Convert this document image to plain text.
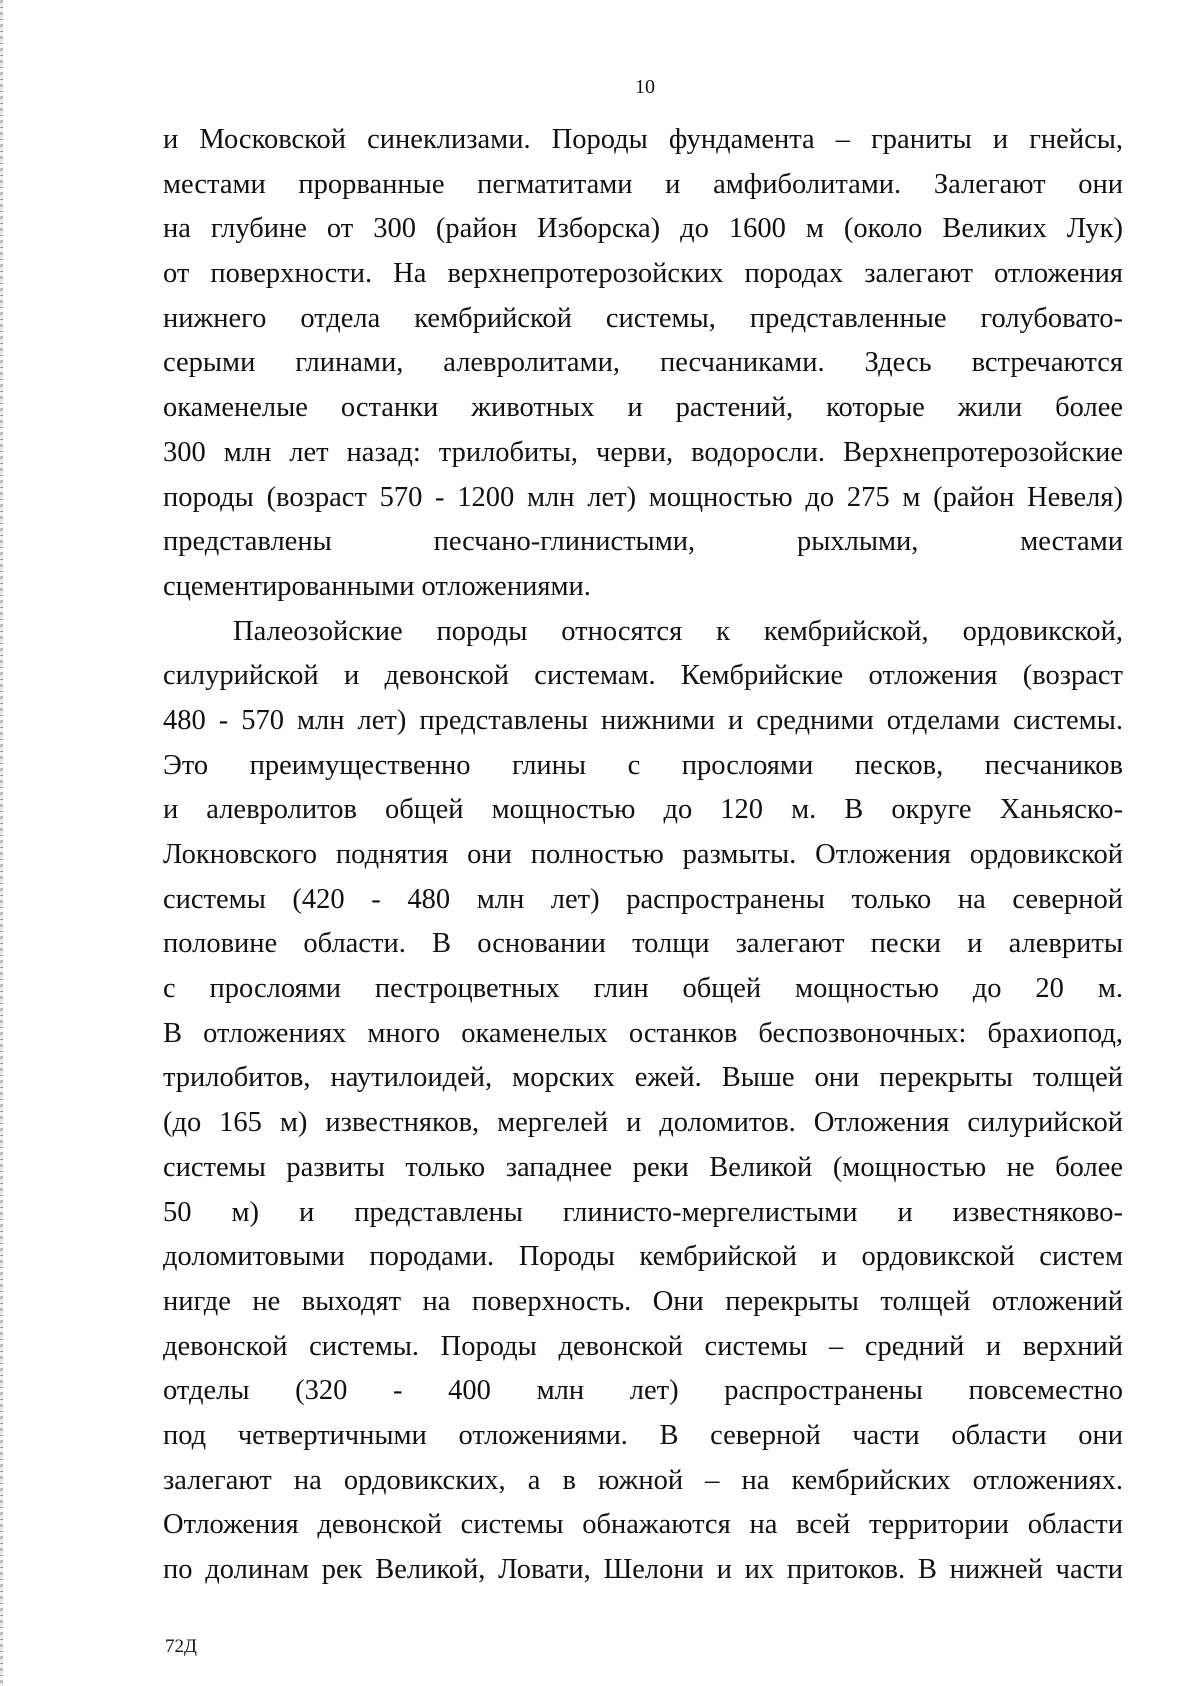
10
и Московской синеклизами. Породы фундамента – граниты и гнейсы,
местами прорванные пегматитами и амфиболитами. Залегают они
на глубине от 300 (район Изборска) до 1600 м (около Великих Лук)
от поверхности. На верхнепротерозойских породах залегают отложения
нижнего отдела кембрийской системы, представленные голубовато-
серыми глинами, алевролитами, песчаниками. Здесь встречаются
окаменелые останки животных и растений, которые жили более
300 млн лет назад: трилобиты, черви, водоросли. Верхнепротерозойские
породы (возраст 570 - 1200 млн лет) мощностью до 275 м (район Невеля)
представлены песчано-глинистыми, рыхлыми, местами
сцементированными отложениями.
Палеозойские породы относятся к кембрийской, ордовикской,
силурийской и девонской системам. Кембрийские отложения (возраст
480 - 570 млн лет) представлены нижними и средними отделами системы.
Это преимущественно глины с прослоями песков, песчаников
и алевролитов общей мощностью до 120 м. В округе Ханьяско-
Локновского поднятия они полностью размыты. Отложения ордовикской
системы (420 - 480 млн лет) распространены только на северной
половине области. В основании толщи залегают пески и алевриты
с прослоями пестроцветных глин общей мощностью до 20 м.
В отложениях много окаменелых останков беспозвоночных: брахиопод,
трилобитов, наутилоидей, морских ежей. Выше они перекрыты толщей
(до 165 м) известняков, мергелей и доломитов. Отложения силурийской
системы развиты только западнее реки Великой (мощностью не более
50 м) и представлены глинисто-мергелистыми и известняково-
доломитовыми породами. Породы кембрийской и ордовикской систем
нигде не выходят на поверхность. Они перекрыты толщей отложений
девонской системы. Породы девонской системы – средний и верхний
отделы (320 - 400 млн лет) распространены повсеместно
под четвертичными отложениями. В северной части области они
залегают на ордовикских, а в южной – на кембрийских отложениях.
Отложения девонской системы обнажаются на всей территории области
по долинам рек Великой, Ловати, Шелони и их притоков. В нижней части
72Д
